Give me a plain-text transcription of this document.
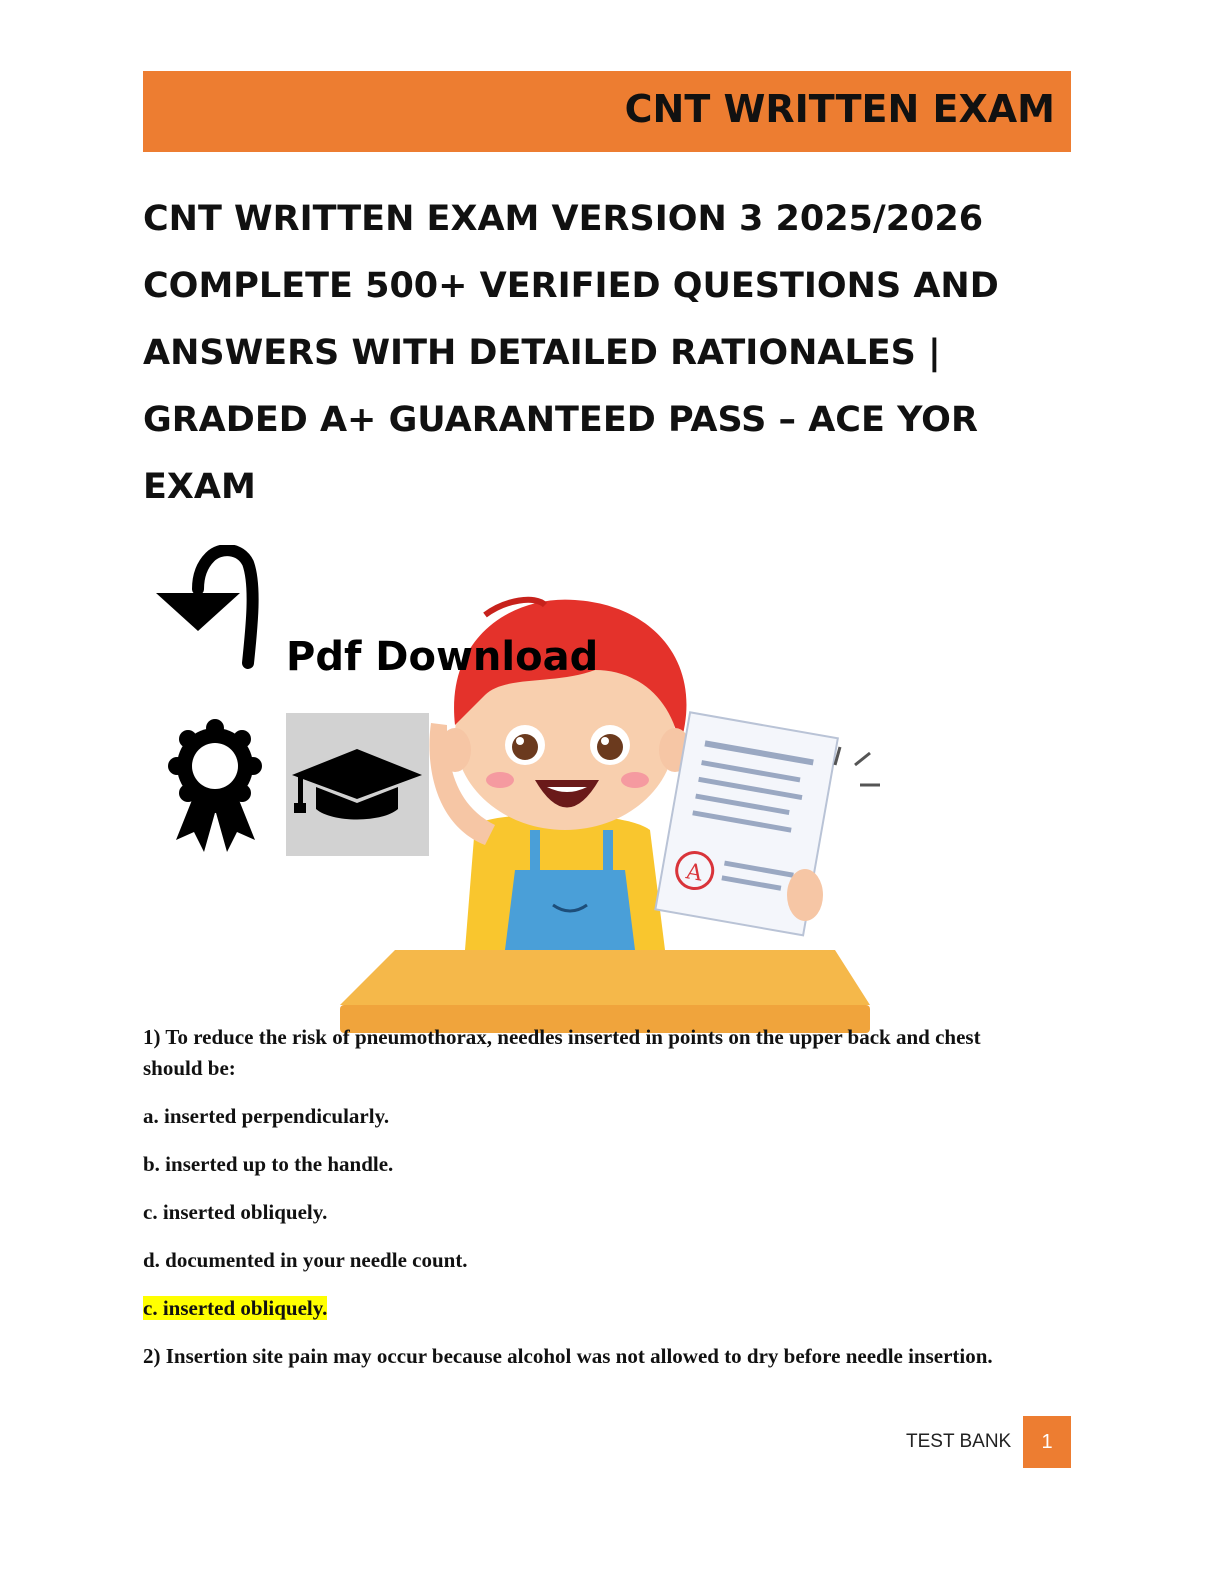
CNT WRITTEN EXAM
CNT WRITTEN EXAM VERSION 3 2025/2026
COMPLETE 500+ VERIFIED QUESTIONS AND
ANSWERS WITH DETAILED RATIONALES |
GRADED A+ GUARANTEED PASS – ACE YOR
EXAM
Pdf Download
A

1) To reduce the risk of pneumothorax, needles inserted in points on the upper back and chest should be:

a. inserted perpendicularly.

b. inserted up to the handle.

c. inserted obliquely.

d. documented in your needle count.

c. inserted obliquely.

2) Insertion site pain may occur because alcohol was not allowed to dry before needle insertion.

TEST BANK	1
